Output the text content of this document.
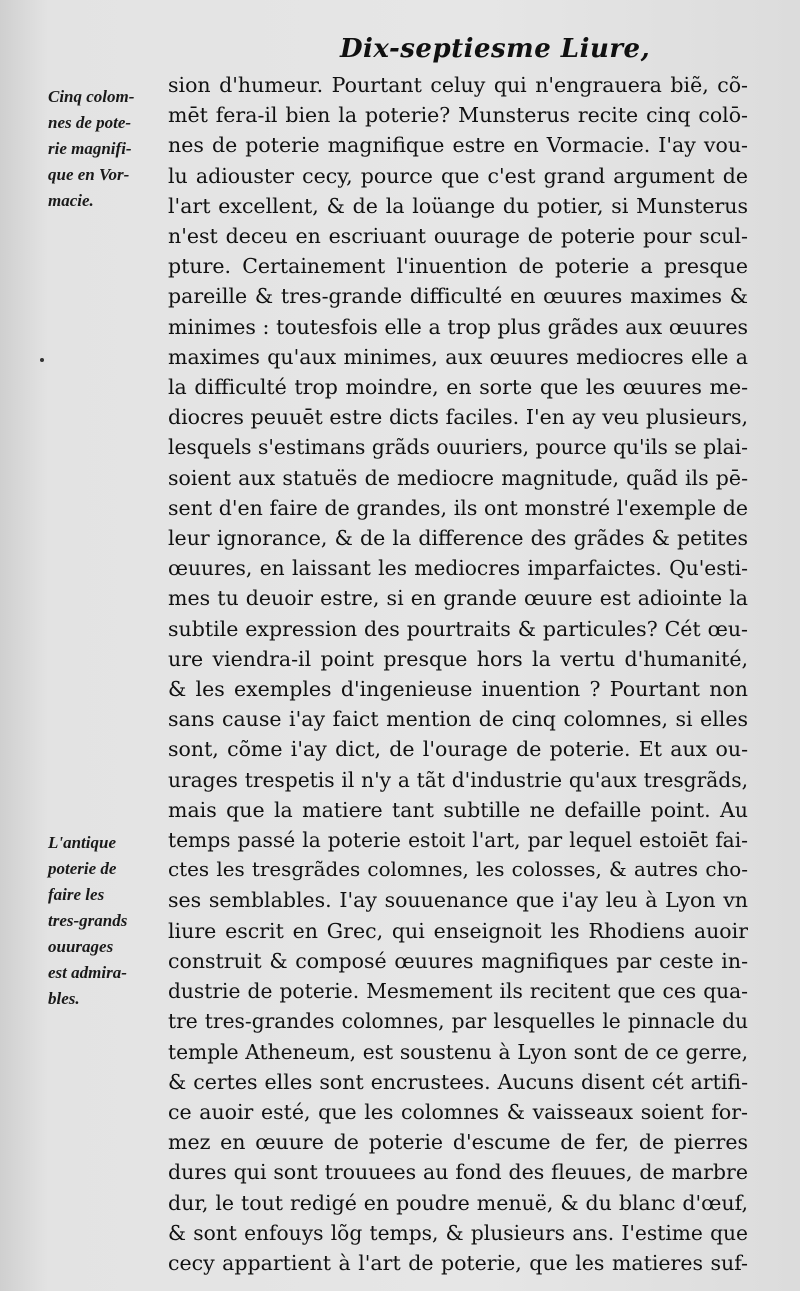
Dix-septiesme Liure,
Cinq colom-
nes de pote-
rie magnifi-
que en Vor-
macie.
L'antique
poterie de
faire les
tres-grands
ouurages
est admira-
bles.
sion d'humeur. Pourtant celuy qui n'engrauera biẽ, cõ-
mēt fera-il bien la poterie? Munsterus recite cinq colō-
nes de poterie magnifique estre en Vormacie. I'ay vou-
lu adiouster cecy, pource que c'est grand argument de
l'art excellent, & de la loüange du potier, si Munsterus
n'est deceu en escriuant ouurage de poterie pour scul-
pture. Certainement l'inuention de poterie a presque
pareille & tres-grande difficulté en œuures maximes &
minimes : toutesfois elle a trop plus grãdes aux œuures
maximes qu'aux minimes, aux œuures mediocres elle a
la difficulté trop moindre, en sorte que les œuures me-
diocres peuuēt estre dicts faciles. I'en ay veu plusieurs,
lesquels s'estimans grãds ouuriers, pource qu'ils se plai-
soient aux statuës de mediocre magnitude, quãd ils pē-
sent d'en faire de grandes, ils ont monstré l'exemple de
leur ignorance, & de la difference des grãdes & petites
œuures, en laissant les mediocres imparfaictes. Qu'esti-
mes tu deuoir estre, si en grande œuure est adiointe la
subtile expression des pourtraits & particules? Cét œu-
ure viendra-il point presque hors la vertu d'humanité,
& les exemples d'ingenieuse inuention ? Pourtant non
sans cause i'ay faict mention de cinq colomnes, si elles
sont, cõme i'ay dict, de l'ourage de poterie. Et aux ou-
urages trespetis il n'y a tãt d'industrie qu'aux tresgrãds,
mais que la matiere tant subtille ne defaille point. Au
temps passé la poterie estoit l'art, par lequel estoiēt fai-
ctes les tresgrãdes colomnes, les colosses, & autres cho-
ses semblables. I'ay souuenance que i'ay leu à Lyon vn
liure escrit en Grec, qui enseignoit les Rhodiens auoir
construit & composé œuures magnifiques par ceste in-
dustrie de poterie. Mesmement ils recitent que ces qua-
tre tres-grandes colomnes, par lesquelles le pinnacle du
temple Atheneum, est soustenu à Lyon sont de ce gerre,
& certes elles sont encrustees. Aucuns disent cét artifi-
ce auoir esté, que les colomnes & vaisseaux soient for-
mez en œuure de poterie d'escume de fer, de pierres
dures qui sont trouuees au fond des fleuues, de marbre
dur, le tout redigé en poudre menuë, & du blanc d'œuf,
& sont enfouys lõg temps, & plusieurs ans. I'estime que
cecy appartient à l'art de poterie, que les matieres suf-
